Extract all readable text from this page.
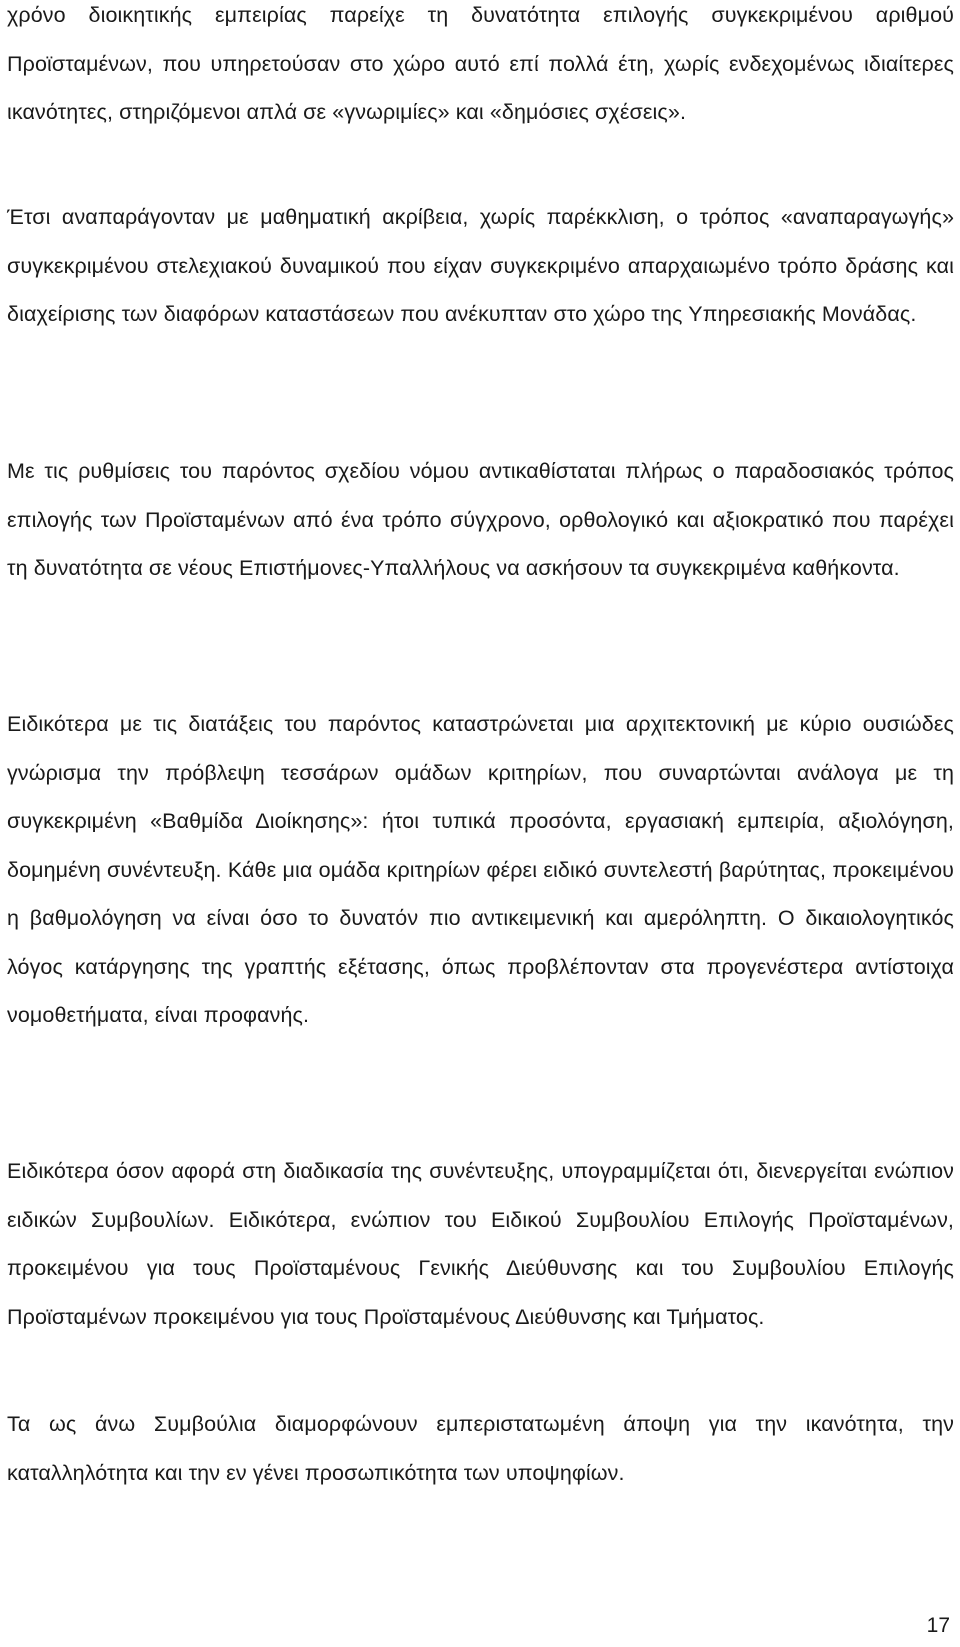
χρόνο διοικητικής εμπειρίας παρείχε τη δυνατότητα επιλογής συγκεκριμένου αριθμού Προϊσταμένων, που υπηρετούσαν στο χώρο αυτό επί πολλά έτη, χωρίς ενδεχομένως ιδιαίτερες ικανότητες, στηριζόμενοι απλά σε «γνωριμίες» και «δημόσιες σχέσεις».

Έτσι αναπαράγονταν με μαθηματική ακρίβεια, χωρίς παρέκκλιση, ο τρόπος «αναπαραγωγής» συγκεκριμένου στελεχιακού δυναμικού που είχαν συγκεκριμένο απαρχαιωμένο τρόπο δράσης και διαχείρισης των διαφόρων καταστάσεων που ανέκυπταν στο χώρο της Υπηρεσιακής Μονάδας.

Με τις ρυθμίσεις του παρόντος σχεδίου νόμου αντικαθίσταται πλήρως ο παραδοσιακός τρόπος επιλογής των Προϊσταμένων από ένα τρόπο σύγχρονο, ορθολογικό και αξιοκρατικό που παρέχει τη δυνατότητα σε νέους Επιστήμονες-Υπαλλήλους να ασκήσουν τα συγκεκριμένα καθήκοντα.

Ειδικότερα με τις διατάξεις του παρόντος καταστρώνεται μια αρχιτεκτονική με κύριο ουσιώδες γνώρισμα την πρόβλεψη τεσσάρων ομάδων κριτηρίων, που συναρτώνται ανάλογα με τη συγκεκριμένη «Βαθμίδα Διοίκησης»: ήτοι τυπικά προσόντα, εργασιακή εμπειρία, αξιολόγηση, δομημένη συνέντευξη. Κάθε μια ομάδα κριτηρίων φέρει ειδικό συντελεστή βαρύτητας, προκειμένου η βαθμολόγηση να είναι όσο το δυνατόν πιο αντικειμενική και αμερόληπτη. Ο δικαιολογητικός λόγος κατάργησης της γραπτής εξέτασης, όπως προβλέπονταν στα προγενέστερα αντίστοιχα νομοθετήματα, είναι προφανής.

Ειδικότερα όσον αφορά στη διαδικασία της συνέντευξης, υπογραμμίζεται ότι, διενεργείται ενώπιον ειδικών Συμβουλίων. Ειδικότερα, ενώπιον του Ειδικού Συμβουλίου Επιλογής Προϊσταμένων, προκειμένου για τους Προϊσταμένους Γενικής Διεύθυνσης και του Συμβουλίου Επιλογής Προϊσταμένων προκειμένου για τους Προϊσταμένους Διεύθυνσης και Τμήματος.

Τα ως άνω Συμβούλια διαμορφώνουν εμπεριστατωμένη άποψη για την ικανότητα, την καταλληλότητα και την εν γένει προσωπικότητα των υποψηφίων.

17
